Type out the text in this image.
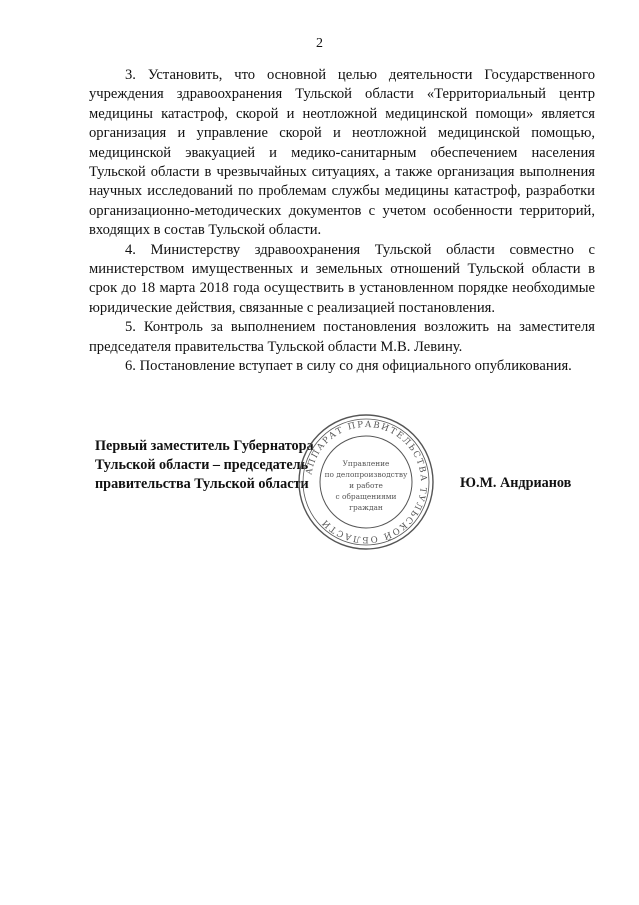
2

3. Установить, что основной целью деятельности Государственного учреждения здравоохранения Тульской области «Территориальный центр медицины катастроф, скорой и неотложной медицинской помощи» является организация и управление скорой и неотложной медицинской помощью, медицинской эвакуацией и медико-санитарным обеспечением населения Тульской области в чрезвычайных ситуациях, а также организация выполнения научных исследований по проблемам службы медицины катастроф, разработки организационно-методических документов с учетом особенности территорий, входящих в состав Тульской области.

4. Министерству здравоохранения Тульской области совместно с министерством имущественных и земельных отношений Тульской области в срок до 18 марта 2018 года осуществить в установленном порядке необходимые юридические действия, связанные с реализацией постановления.

5. Контроль за выполнением постановления возложить на заместителя председателя правительства Тульской области М.В. Левину.

6. Постановление вступает в силу со дня официального опубликования.

Первый заместитель Губернатора
Тульской области – председатель
правительства Тульской области
АППАРАТ ПРАВИТЕЛЬСТВА ТУЛЬСКОЙ ОБЛАСТИ
Управление
по делопроизводству
и работе
с обращениями
граждан
Ю.М. Андрианов
